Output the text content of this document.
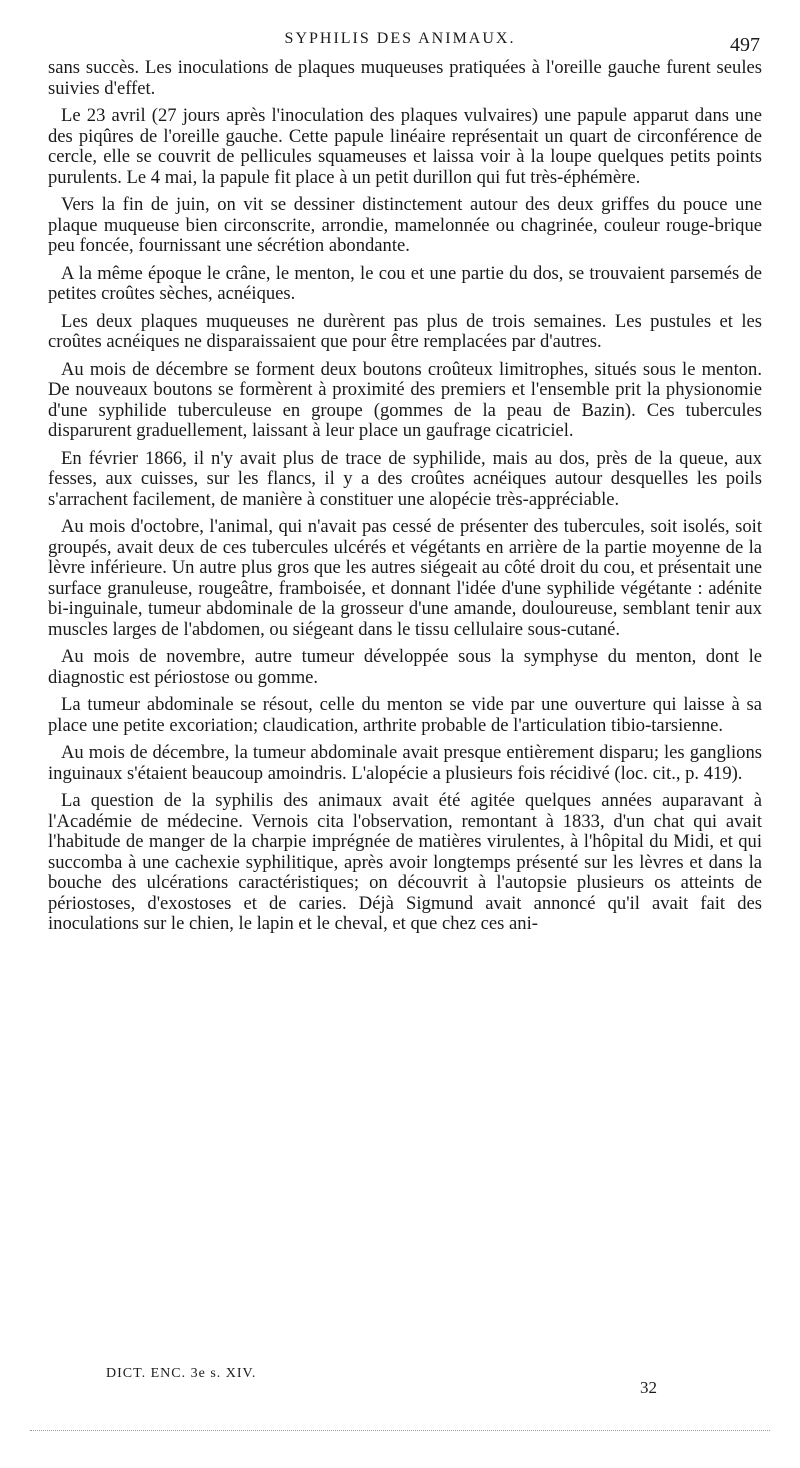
SYPHILIS DES ANIMAUX.	497

sans succès. Les inoculations de plaques muqueuses pratiquées à l'oreille gauche furent seules suivies d'effet.

Le 23 avril (27 jours après l'inoculation des plaques vulvaires) une papule apparut dans une des piqûres de l'oreille gauche. Cette papule linéaire représentait un quart de circonférence de cercle, elle se couvrit de pellicules squameuses et laissa voir à la loupe quelques petits points purulents. Le 4 mai, la papule fit place à un petit durillon qui fut très-éphémère.

Vers la fin de juin, on vit se dessiner distinctement autour des deux griffes du pouce une plaque muqueuse bien circonscrite, arrondie, mamelonnée ou chagrinée, couleur rouge-brique peu foncée, fournissant une sécrétion abondante.

A la même époque le crâne, le menton, le cou et une partie du dos, se trouvaient parsemés de petites croûtes sèches, acnéiques.

Les deux plaques muqueuses ne durèrent pas plus de trois semaines. Les pustules et les croûtes acnéiques ne disparaissaient que pour être remplacées par d'autres.

Au mois de décembre se forment deux boutons croûteux limitrophes, situés sous le menton. De nouveaux boutons se formèrent à proximité des premiers et l'ensemble prit la physionomie d'une syphilide tuberculeuse en groupe (gommes de la peau de Bazin). Ces tubercules disparurent graduellement, laissant à leur place un gaufrage cicatriciel.

En février 1866, il n'y avait plus de trace de syphilide, mais au dos, près de la queue, aux fesses, aux cuisses, sur les flancs, il y a des croûtes acnéiques autour desquelles les poils s'arrachent facilement, de manière à constituer une alopécie très-appréciable.

Au mois d'octobre, l'animal, qui n'avait pas cessé de présenter des tubercules, soit isolés, soit groupés, avait deux de ces tubercules ulcérés et végétants en arrière de la partie moyenne de la lèvre inférieure. Un autre plus gros que les autres siégeait au côté droit du cou, et présentait une surface granuleuse, rougeâtre, framboisée, et donnant l'idée d'une syphilide végétante : adénite bi-inguinale, tumeur abdominale de la grosseur d'une amande, douloureuse, semblant tenir aux muscles larges de l'abdomen, ou siégeant dans le tissu cellulaire sous-cutané.

Au mois de novembre, autre tumeur développée sous la symphyse du menton, dont le diagnostic est périostose ou gomme.

La tumeur abdominale se résout, celle du menton se vide par une ouverture qui laisse à sa place une petite excoriation; claudication, arthrite probable de l'articulation tibio-tarsienne.

Au mois de décembre, la tumeur abdominale avait presque entièrement disparu; les ganglions inguinaux s'étaient beaucoup amoindris. L'alopécie a plusieurs fois récidivé (loc. cit., p. 419).

La question de la syphilis des animaux avait été agitée quelques années auparavant à l'Académie de médecine. Vernois cita l'observation, remontant à 1833, d'un chat qui avait l'habitude de manger de la charpie imprégnée de matières virulentes, à l'hôpital du Midi, et qui succomba à une cachexie syphilitique, après avoir longtemps présenté sur les lèvres et dans la bouche des ulcérations caractéristiques; on découvrit à l'autopsie plusieurs os atteints de périostoses, d'exostoses et de caries. Déjà Sigmund avait annoncé qu'il avait fait des inoculations sur le chien, le lapin et le cheval, et que chez ces ani-

DICT. ENC. 3e s. XIV.
32
